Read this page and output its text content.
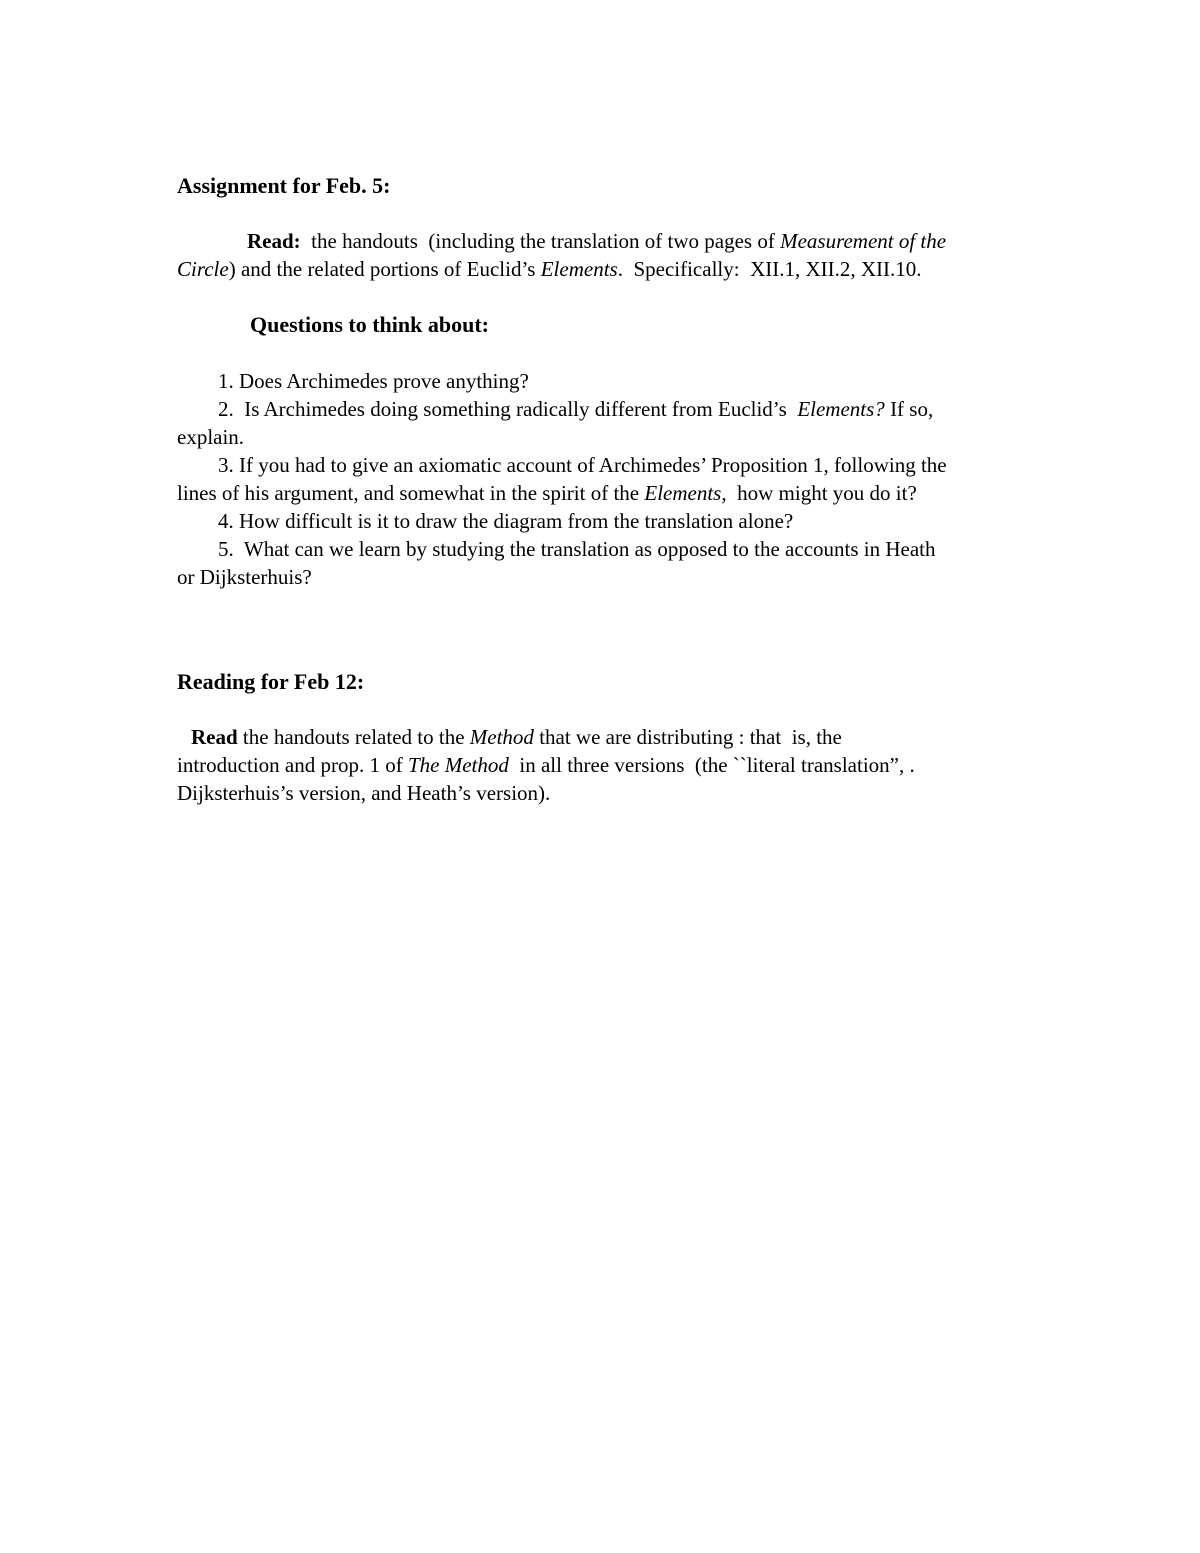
Assignment for Feb. 5:
Read:  the handouts  (including the translation of two pages of Measurement of the
Circle) and the related portions of Euclid’s Elements.  Specifically:  XII.1, XII.2, XII.10.
Questions to think about:
1. Does Archimedes prove anything?
2.  Is Archimedes doing something radically different from Euclid’s  Elements? If so,
explain.
3. If you had to give an axiomatic account of Archimedes’ Proposition 1, following the
lines of his argument, and somewhat in the spirit of the Elements,  how might you do it?
4. How difficult is it to draw the diagram from the translation alone?
5.  What can we learn by studying the translation as opposed to the accounts in Heath
or Dijksterhuis?
Reading for Feb 12:
Read the handouts related to the Method that we are distributing : that  is, the
introduction and prop. 1 of The Method  in all three versions  (the ``literal translation”, .
Dijksterhuis’s version, and Heath’s version).
